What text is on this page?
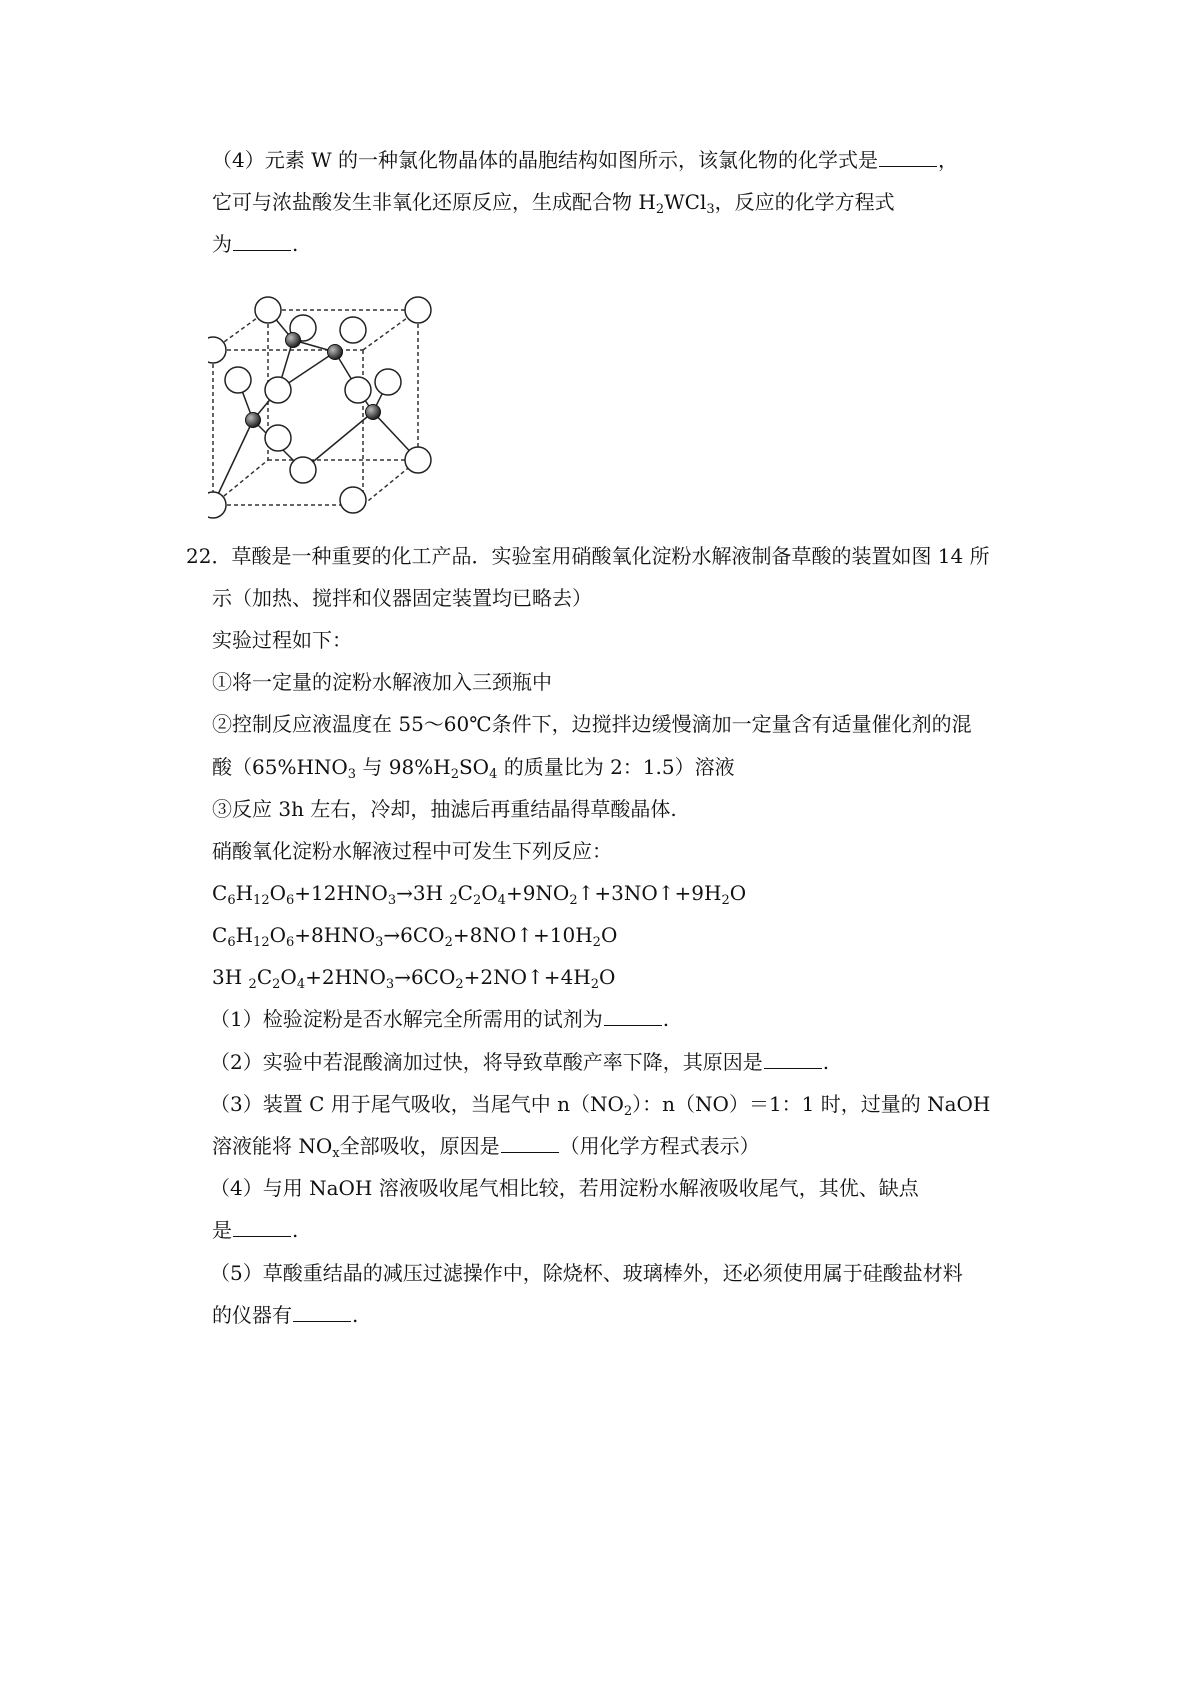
（4）元素 W 的一种氯化物晶体的晶胞结构如图所示，该氯化物的化学式是	，
它可与浓盐酸发生非氧化还原反应，生成配合物 $H_2WCl_3$，反应的化学方程式
为	.
22．草酸是一种重要的化工产品．实验室用硝酸氧化淀粉水解液制备草酸的装置如图 14 所
示（加热、搅拌和仪器固定装置均已略去）
实验过程如下：
①将一定量的淀粉水解液加入三颈瓶中
②控制反应液温度在 55～60℃条件下，边搅拌边缓慢滴加一定量含有适量催化剂的混
酸（$65\%HNO_3$ 与 $98\%H_2SO_4$ 的质量比为 2：1.5）溶液
③反应 3h 左右，冷却，抽滤后再重结晶得草酸晶体.
硝酸氧化淀粉水解液过程中可发生下列反应：
$C_6H_{12}O_6+12HNO_3\to 3H$ $_2C_2O_4+9NO_2↑+3NO↑+9H_2O$
$C_6H_{12}O_6+8HNO_3\to 6CO_2+8NO↑+10H_2O$
3H $_2C_2O_4+2HNO_3\to 6CO_2+2NO↑+4H_2O$
（1）检验淀粉是否水解完全所需用的试剂为	.
（2）实验中若混酸滴加过快，将导致草酸产率下降，其原因是	.
（3）装置 C 用于尾气吸收，当尾气中 $n(NO_2)$：n（NO）＝1：1 时，过量的 NaOH
溶液能将 $NO_x$全部吸收，原因是	（用化学方程式表示）
（4）与用 NaOH 溶液吸收尾气相比较，若用淀粉水解液吸收尾气，其优、缺点
是	.
（5）草酸重结晶的减压过滤操作中，除烧杯、玻璃棒外，还必须使用属于硅酸盐材料
的仪器有	.
